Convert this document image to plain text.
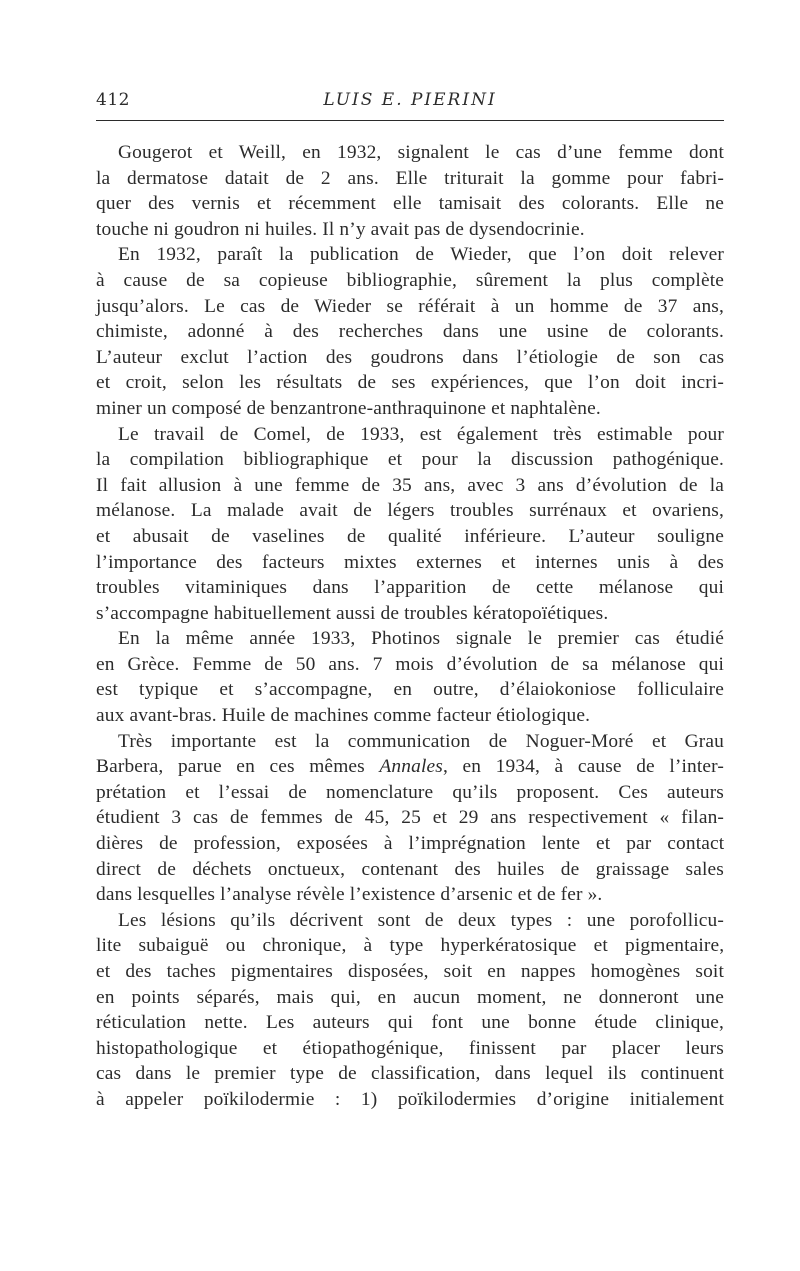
412	LUIS E. PIERINI
Gougerot et Weill, en 1932, signalent le cas d’une femme dont
la dermatose datait de 2 ans. Elle triturait la gomme pour fabri-
quer des vernis et récemment elle tamisait des colorants. Elle ne
touche ni goudron ni huiles. Il n’y avait pas de dysendocrinie.
En 1932, paraît la publication de Wieder, que l’on doit relever
à cause de sa copieuse bibliographie, sûrement la plus complète
jusqu’alors. Le cas de Wieder se référait à un homme de 37 ans,
chimiste, adonné à des recherches dans une usine de colorants.
L’auteur exclut l’action des goudrons dans l’étiologie de son cas
et croit, selon les résultats de ses expériences, que l’on doit incri-
miner un composé de benzantrone-anthraquinone et naphtalène.
Le travail de Comel, de 1933, est également très estimable pour
la compilation bibliographique et pour la discussion pathogénique.
Il fait allusion à une femme de 35 ans, avec 3 ans d’évolution de la
mélanose. La malade avait de légers troubles surrénaux et ovariens,
et abusait de vaselines de qualité inférieure. L’auteur souligne
l’importance des facteurs mixtes externes et internes unis à des
troubles vitaminiques dans l’apparition de cette mélanose qui
s’accompagne habituellement aussi de troubles kératopoïétiques.
En la même année 1933, Photinos signale le premier cas étudié
en Grèce. Femme de 50 ans. 7 mois d’évolution de sa mélanose qui
est typique et s’accompagne, en outre, d’élaiokoniose folliculaire
aux avant-bras. Huile de machines comme facteur étiologique.
Très importante est la communication de Noguer-Moré et Grau
Barbera, parue en ces mêmes Annales, en 1934, à cause de l’inter-
prétation et l’essai de nomenclature qu’ils proposent. Ces auteurs
étudient 3 cas de femmes de 45, 25 et 29 ans respectivement « filan-
dières de profession, exposées à l’imprégnation lente et par contact
direct de déchets onctueux, contenant des huiles de graissage sales
dans lesquelles l’analyse révèle l’existence d’arsenic et de fer ».
Les lésions qu’ils décrivent sont de deux types : une porofollicu-
lite subaiguë ou chronique, à type hyperkératosique et pigmentaire,
et des taches pigmentaires disposées, soit en nappes homogènes soit
en points séparés, mais qui, en aucun moment, ne donneront une
réticulation nette. Les auteurs qui font une bonne étude clinique,
histopathologique et étiopathogénique, finissent par placer leurs
cas dans le premier type de classification, dans lequel ils continuent
à appeler poïkilodermie : 1) poïkilodermies d’origine initialement
